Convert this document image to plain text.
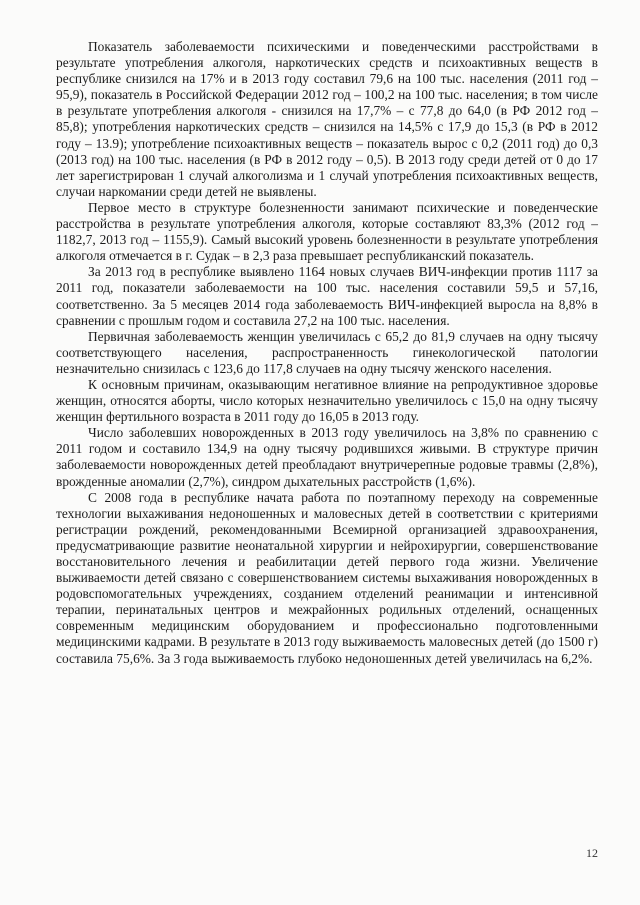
Показатель заболеваемости психическими и поведенческими расстройствами в результате употребления алкоголя, наркотических средств и психоактивных веществ в республике снизился на 17% и в 2013 году составил 79,6 на 100 тыс. населения (2011 год – 95,9), показатель в Российской Федерации 2012 год – 100,2 на 100 тыс. населения; в том числе в результате употребления алкоголя - снизился на 17,7% – с 77,8 до 64,0 (в РФ 2012 год – 85,8); употребления наркотических средств – снизился на 14,5% с 17,9 до 15,3 (в РФ в 2012 году – 13.9); употребление психоактивных веществ – показатель вырос с 0,2 (2011 год) до 0,3 (2013 год) на 100 тыс. населения (в РФ в 2012 году – 0,5). В 2013 году среди детей от 0 до 17 лет зарегистрирован 1 случай алкоголизма и 1 случай употребления психоактивных веществ, случаи наркомании среди детей не выявлены.

Первое место в структуре болезненности занимают психические и поведенческие расстройства в результате употребления алкоголя, которые составляют 83,3% (2012 год – 1182,7, 2013 год – 1155,9). Самый высокий уровень болезненности в результате употребления алкоголя отмечается в г. Судак – в 2,3 раза превышает республиканский показатель.

За 2013 год в республике выявлено 1164 новых случаев ВИЧ-инфекции против 1117 за 2011 год, показатели заболеваемости на 100 тыс. населения составили 59,5 и 57,16, соответственно. За 5 месяцев 2014 года заболеваемость ВИЧ-инфекцией выросла на 8,8% в сравнении с прошлым годом и составила 27,2 на 100 тыс. населения.

Первичная заболеваемость женщин увеличилась с 65,2 до 81,9 случаев на одну тысячу соответствующего населения, распространенность гинекологической патологии незначительно снизилась с 123,6 до 117,8 случаев на одну тысячу женского населения.

К основным причинам, оказывающим негативное влияние на репродуктивное здоровье женщин, относятся аборты, число которых незначительно увеличилось с 15,0 на одну тысячу женщин фертильного возраста в 2011 году до 16,05 в 2013 году.

Число заболевших новорожденных в 2013 году увеличилось на 3,8% по сравнению с 2011 годом и составило 134,9 на одну тысячу родившихся живыми. В структуре причин заболеваемости новорожденных детей преобладают внутричерепные родовые травмы (2,8%), врожденные аномалии (2,7%), синдром дыхательных расстройств (1,6%).

С 2008 года в республике начата работа по поэтапному переходу на современные технологии выхаживания недоношенных и маловесных детей в соответствии с критериями регистрации рождений, рекомендованными Всемирной организацией здравоохранения, предусматривающие развитие неонатальной хирургии и нейрохирургии, совершенствование восстановительного лечения и реабилитации детей первого года жизни. Увеличение выживаемости детей связано с совершенствованием системы выхаживания новорожденных в родовспомогательных учреждениях, созданием отделений реанимации и интенсивной терапии, перинатальных центров и межрайонных родильных отделений, оснащенных современным медицинским оборудованием и профессионально подготовленными медицинскими кадрами. В результате в 2013 году выживаемость маловесных детей (до 1500 г) составила 75,6%. За 3 года выживаемость глубоко недоношенных детей увеличилась на 6,2%.

12
